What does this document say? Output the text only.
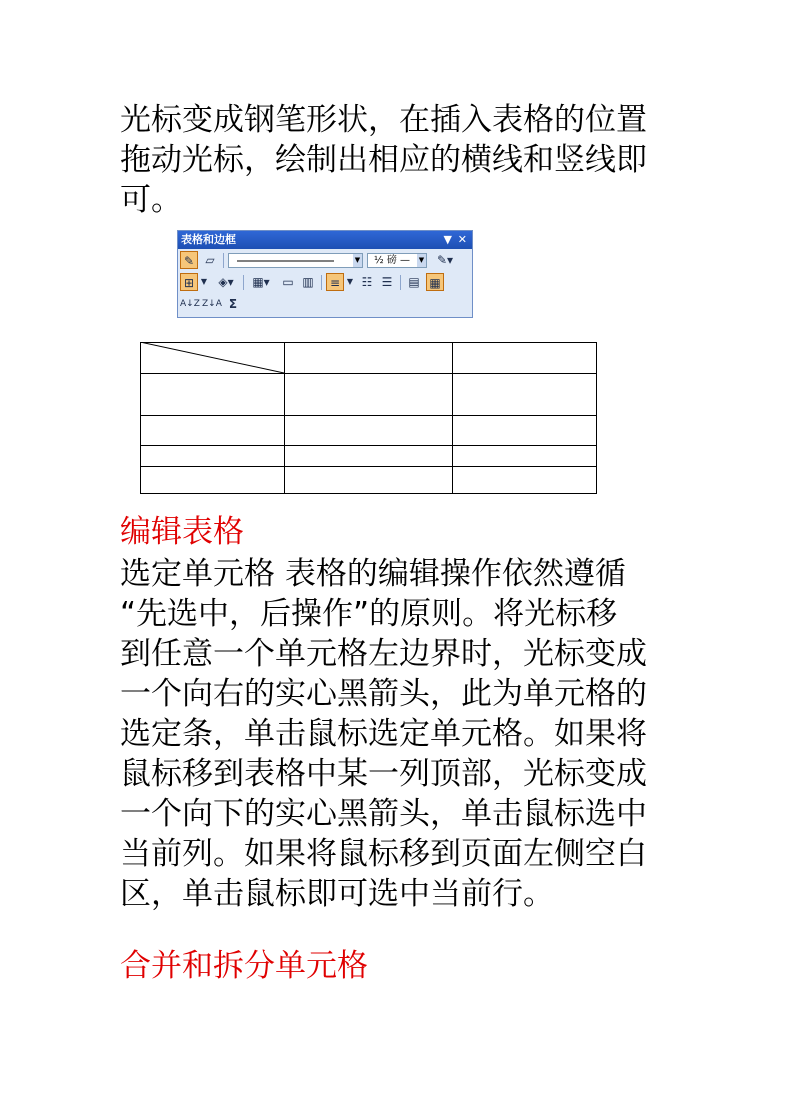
光标变成钢笔形状，在插入表格的位置
拖动光标，绘制出相应的横线和竖线即
可。
表格和边框	▼ ✕
✎ ▱	▼	½ 磅 — ▼	✎▾
⊞ ▼ ◈▾	▦▾	▭ ▥	≡ ▼ ☷ ☰	▤ ▦
A↓Z Z↓A Σ

编辑表格
选定单元格 表格的编辑操作依然遵循
“先选中，后操作”的原则。将光标移
到任意一个单元格左边界时，光标变成
一个向右的实心黑箭头，此为单元格的
选定条，单击鼠标选定单元格。如果将
鼠标移到表格中某一列顶部，光标变成
一个向下的实心黑箭头，单击鼠标选中
当前列。如果将鼠标移到页面左侧空白
区，单击鼠标即可选中当前行。
合并和拆分单元格
